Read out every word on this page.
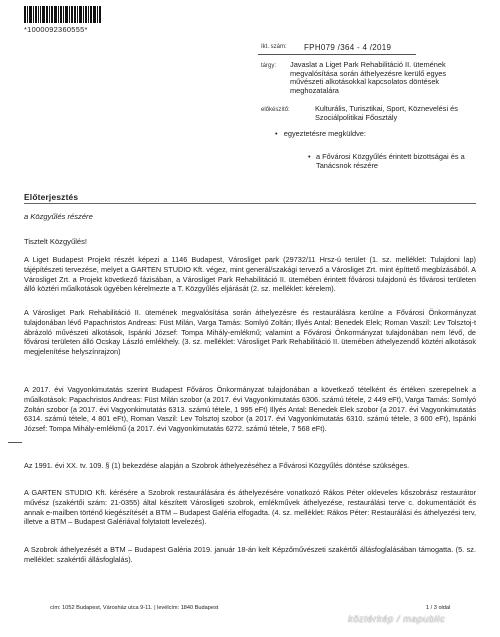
*1000092360555*
Ikt. szám: FPH079 /364 - 4 /2019
tárgy: Javaslat a Liget Park Rehabilitáció II. ütemének megvalósítása során áthelyezésre kerülő egyes művészeti alkotásokkal kapcsolatos döntések meghozatalára
előkészítő:	Kulturális, Turisztikai, Sport, Köznevelési és Szociálpolitikai Főosztály
• egyeztetésre megküldve:
• a Fővárosi Közgyűlés érintett bizottságai és a Tanácsnok részére
Előterjesztés
a Közgyűlés részére
Tisztelt Közgyűlés!
A Liget Budapest Projekt részét képezi a 1146 Budapest, Városliget park (29732/11 Hrsz-ú terület (1. sz. melléklet: Tulajdoni lap) tájépítészeti tervezése, melyet a GARTEN STUDIO Kft. végez, mint generál/szakági tervező a Városliget Zrt. mint építtető megbízásából. A Városliget Zrt. a Projekt következő fázisában, a Városliget Park Rehabilitáció II. ütemében érintett fővárosi tulajdonú és fővárosi területen álló köztéri műalkotások ügyében kérelmezte a T. Közgyűlés eljárását (2. sz. melléklet: kérelem).
A Városliget Park Rehabilitáció II. ütemének megvalósítása során áthelyezésre és restaurálásra kerülne a Fővárosi Önkormányzat tulajdonában lévő Papachristos Andreas: Füst Milán, Varga Tamás: Somlyó Zoltán; Illyés Antal: Benedek Elek; Roman Vaszil: Lev Tolsztoj-t ábrázoló művészeti alkotások, Ispánki József: Tompa Mihály-emlékmű; valamint a Fővárosi Önkormányzat tulajdonában nem lévő, de fővárosi területen álló Ocskay László emlékhely. (3. sz. melléklet: Városliget Park Rehabilitáció II. ütemében áthelyezendő köztéri alkotások megjelenítése helyszínrajzon)
A 2017. évi Vagyonkimutatás szerint Budapest Főváros Önkormányzat tulajdonában a következő tételként és értéken szerepelnek a műalkotások: Papachristos Andreas: Füst Milán szobor (a 2017. évi Vagyonkimutatás 6306. számú tétele, 2 449 eFt), Varga Tamás: Somlyó Zoltán szobor (a 2017. évi Vagyonkimutatás 6313. számú tétele, 1 995 eFt) Illyés Antal: Benedek Elek szobor (a 2017. évi Vagyonkimutatás 6314. számú tétele, 4 801 eFt), Roman Vaszil: Lev Tolsztoj szobor (a 2017. évi Vagyonkimutatás 6310. számú tétele, 3 600 eFt), Ispánki József: Tompa Mihály-emlékmű (a 2017. évi Vagyonkimutatás 6272. számú tétele, 7 568 eFt).
Az 1991. évi XX. tv. 109. § (1) bekezdése alapján a Szobrok áthelyezéséhez a Fővárosi Közgyűlés döntése szükséges.
A GARTEN STUDIO Kft. kérésére a Szobrok restaurálására és áthelyezésére vonatkozó Rákos Péter okleveles kőszobrász restaurátor művész (szakértői szám: 21-0355) által készített Városligeti szobrok, emlékművek áthelyezése, restaurálási terve c. dokumentációt és annak e-mailben történő kiegészítését a BTM – Budapest Galéria elfogadta. (4. sz. melléklet: Rákos Péter: Restaurálási és áthelyezési terv, illetve a BTM – Budapest Galériával folytatott levelezés).
A Szobrok áthelyezését a BTM – Budapest Galéria 2019. január 18-án kelt Képzőművészeti szakértői állásfoglalásában támogatta. (5. sz. melléklet: szakértői állásfoglalás).
cím: 1052 Budapest, Városház utca 9-11. | levélcím: 1840 Budapest	1 / 3 oldal
köztérkép / mapublic
